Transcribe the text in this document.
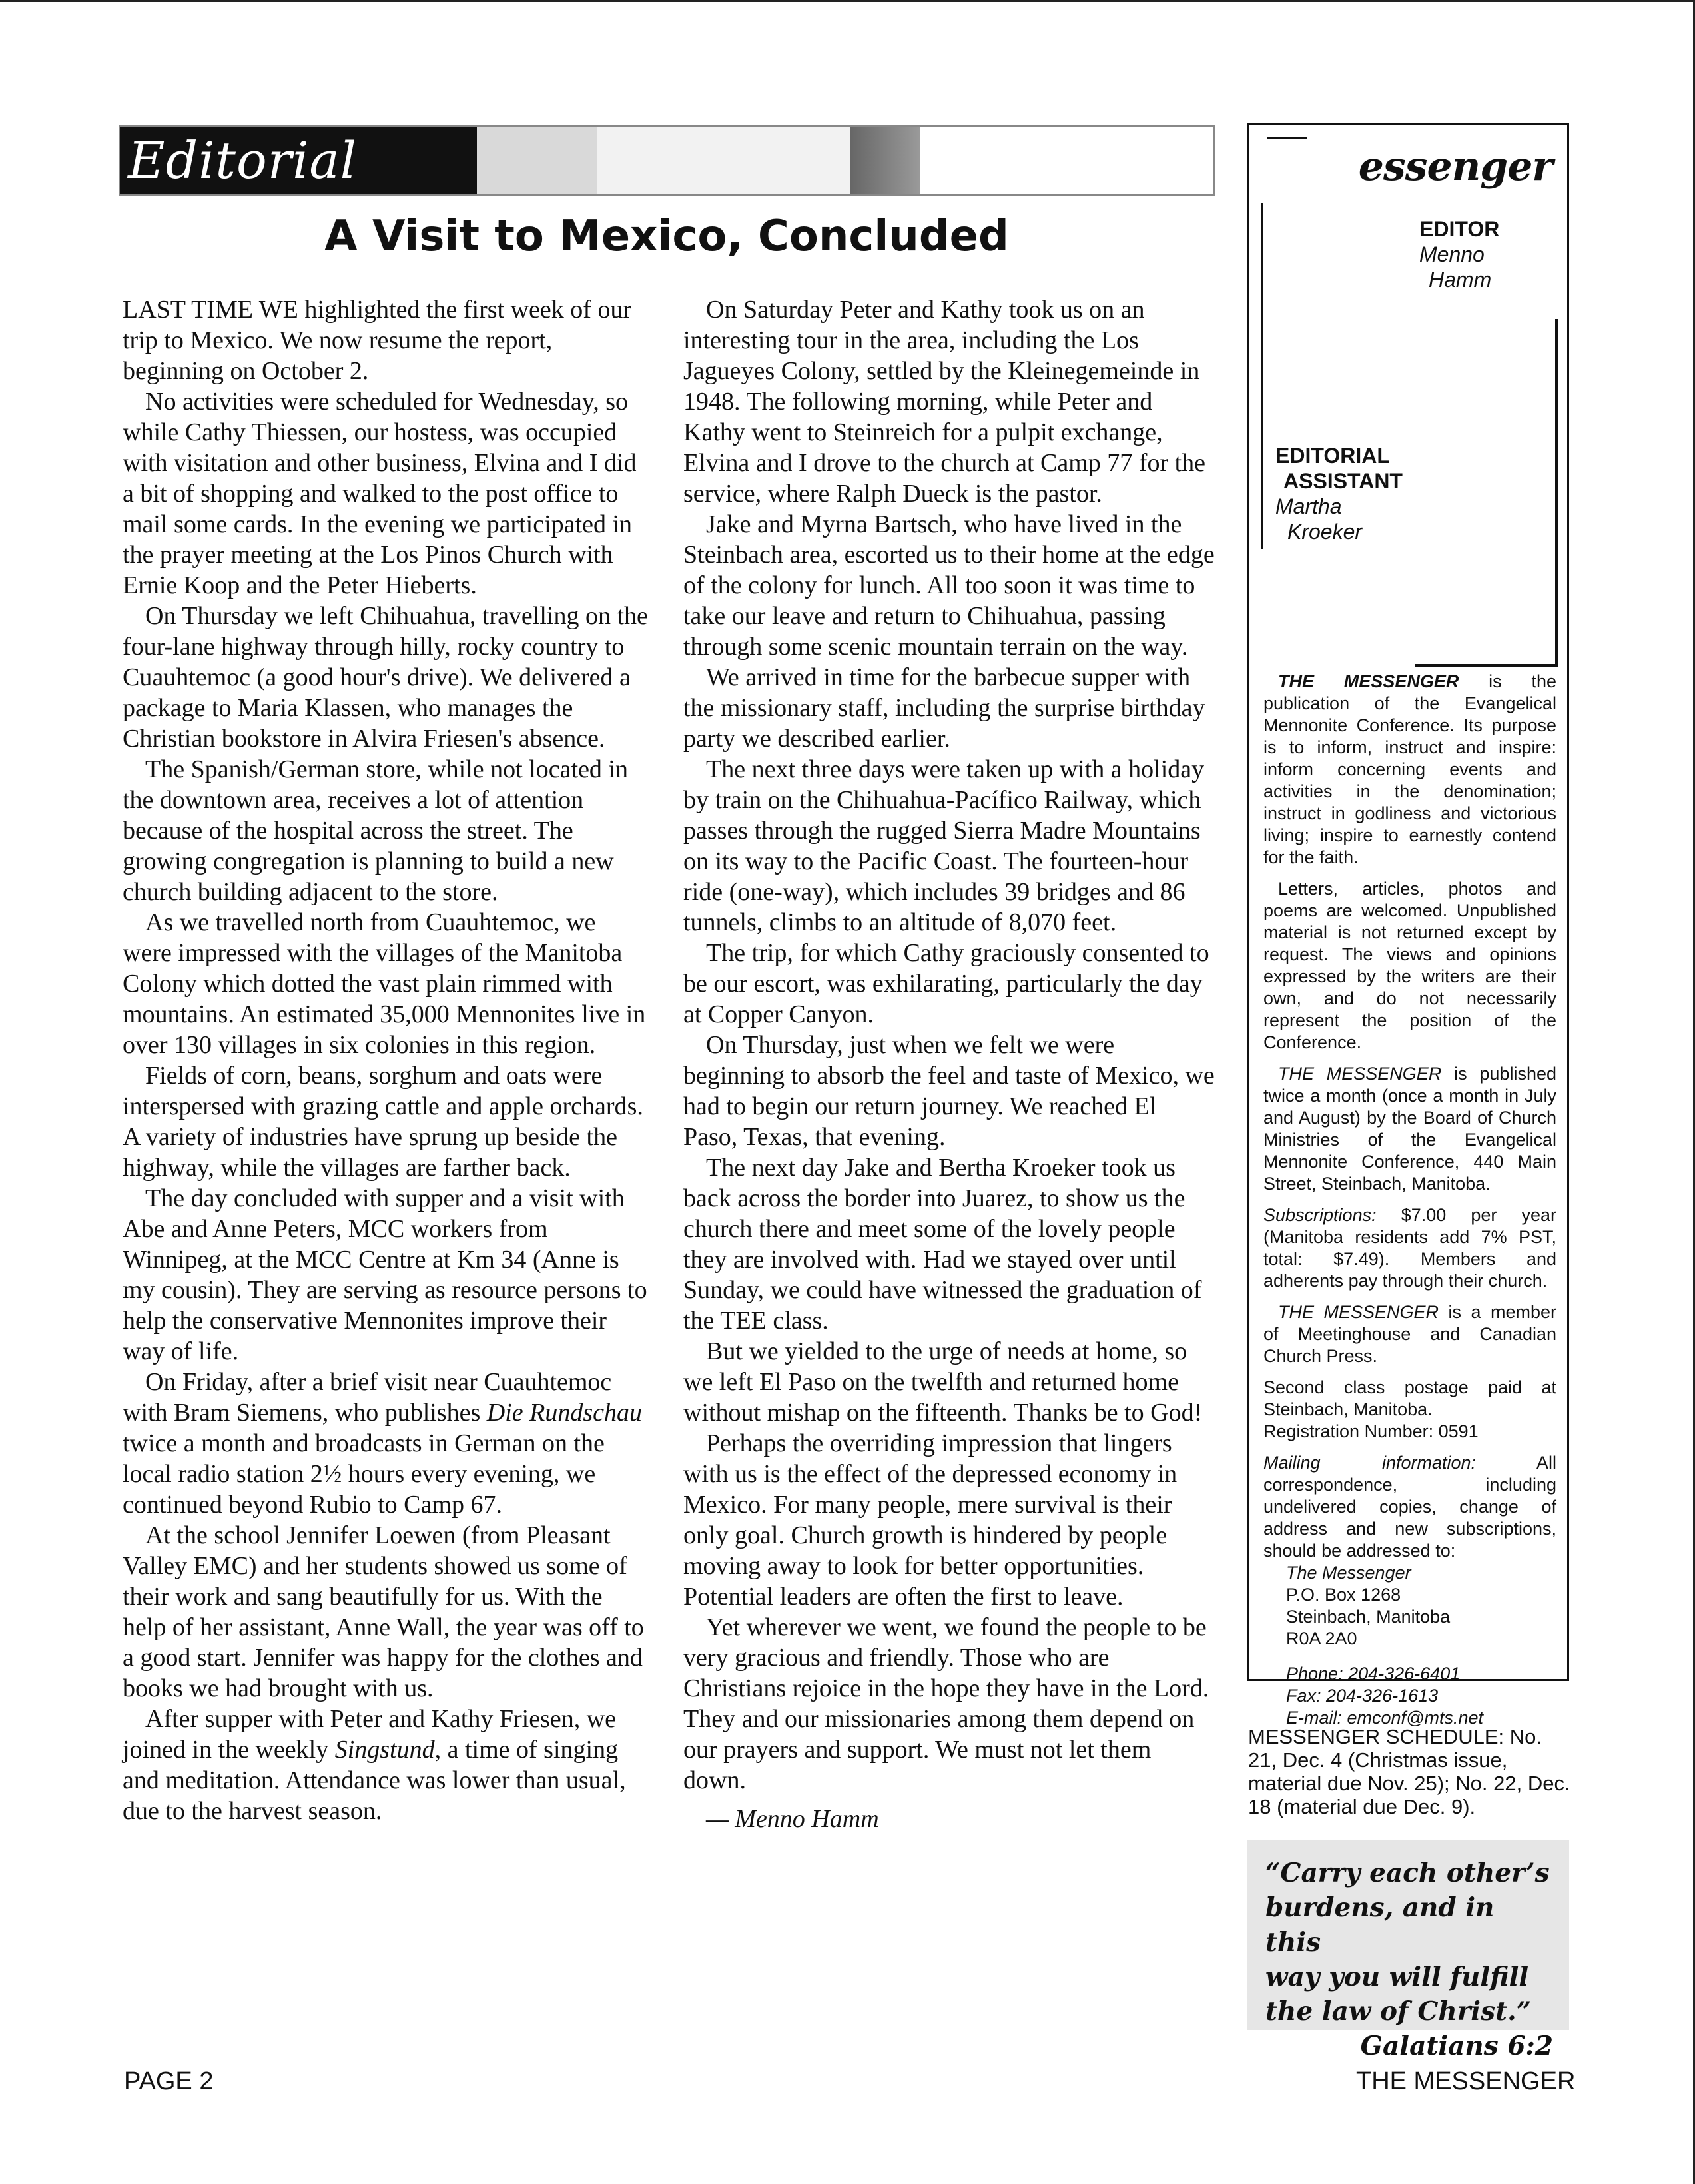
Editorial
A Visit to Mexico, Concluded

LAST TIME WE highlighted the first week of our trip to Mexico. We now resume the report, beginning on October 2.

No activities were scheduled for Wednesday, so while Cathy Thiessen, our hostess, was occupied with visitation and other business, Elvina and I did a bit of shopping and walked to the post office to mail some cards. In the evening we participated in the prayer meeting at the Los Pinos Church with Ernie Koop and the Peter Hieberts.

On Thursday we left Chihuahua, travelling on the four-lane highway through hilly, rocky country to Cuauhtemoc (a good hour's drive). We delivered a package to Maria Klassen, who manages the Christian bookstore in Alvira Friesen's absence.

The Spanish/German store, while not located in the downtown area, receives a lot of attention because of the hospital across the street. The growing congregation is planning to build a new church building adjacent to the store.

As we travelled north from Cuauhtemoc, we were impressed with the villages of the Manitoba Colony which dotted the vast plain rimmed with mountains. An estimated 35,000 Mennonites live in over 130 villages in six colonies in this region.

Fields of corn, beans, sorghum and oats were interspersed with grazing cattle and apple orchards. A variety of industries have sprung up beside the highway, while the villages are farther back.

The day concluded with supper and a visit with Abe and Anne Peters, MCC workers from Winnipeg, at the MCC Centre at Km 34 (Anne is my cousin). They are serving as resource persons to help the conservative Mennonites improve their way of life.

On Friday, after a brief visit near Cuauhtemoc with Bram Siemens, who publishes Die Rundschau twice a month and broadcasts in German on the local radio station 2½ hours every evening, we continued beyond Rubio to Camp 67.

At the school Jennifer Loewen (from Pleasant Valley EMC) and her students showed us some of their work and sang beautifully for us. With the help of her assistant, Anne Wall, the year was off to a good start. Jennifer was happy for the clothes and books we had brought with us.

After supper with Peter and Kathy Friesen, we joined in the weekly Singstund, a time of singing and meditation. Attendance was lower than usual, due to the harvest season.

On Saturday Peter and Kathy took us on an interesting tour in the area, including the Los Jagueyes Colony, settled by the Kleinegemeinde in 1948. The following morning, while Peter and Kathy went to Steinreich for a pulpit exchange, Elvina and I drove to the church at Camp 77 for the service, where Ralph Dueck is the pastor.

Jake and Myrna Bartsch, who have lived in the Steinbach area, escorted us to their home at the edge of the colony for lunch. All too soon it was time to take our leave and return to Chihuahua, passing through some scenic mountain terrain on the way.

We arrived in time for the barbecue supper with the missionary staff, including the surprise birthday party we described earlier.

The next three days were taken up with a holiday by train on the Chihuahua-Pacífico Railway, which passes through the rugged Sierra Madre Mountains on its way to the Pacific Coast. The fourteen-hour ride (one-way), which includes 39 bridges and 86 tunnels, climbs to an altitude of 8,070 feet.

The trip, for which Cathy graciously consented to be our escort, was exhilarating, particularly the day at Copper Canyon.

On Thursday, just when we felt we were beginning to absorb the feel and taste of Mexico, we had to begin our return journey. We reached El Paso, Texas, that evening.

The next day Jake and Bertha Kroeker took us back across the border into Juarez, to show us the church there and meet some of the lovely people they are involved with. Had we stayed over until Sunday, we could have witnessed the graduation of the TEE class.

But we yielded to the urge of needs at home, so we left El Paso on the twelfth and returned home without mishap on the fifteenth. Thanks be to God!

Perhaps the overriding impression that lingers with us is the effect of the depressed economy in Mexico. For many people, mere survival is their only goal. Church growth is hindered by people moving away to look for better opportunities. Potential leaders are often the first to leave.

Yet wherever we went, we found the people to be very gracious and friendly. Those who are Christians rejoice in the hope they have in the Lord. They and our missionaries among them depend on our prayers and support. We must not let them down.

— Menno Hamm

essenger
EDITOR
Menno
Hamm
EDITORIAL
ASSISTANT
Martha
Kroeker

THE MESSENGER is the publication of the Evangelical Mennonite Conference. Its purpose is to inform, instruct and inspire: inform concerning events and activities in the denomination; instruct in godliness and victorious living; inspire to earnestly contend for the faith.

Letters, articles, photos and poems are welcomed. Unpublished material is not returned except by request. The views and opinions expressed by the writers are their own, and do not necessarily represent the position of the Conference.

THE MESSENGER is published twice a month (once a month in July and August) by the Board of Church Ministries of the Evangelical Mennonite Conference, 440 Main Street, Steinbach, Manitoba.

Subscriptions: $7.00 per year (Manitoba residents add 7% PST, total: $7.49). Members and adherents pay through their church.

THE MESSENGER is a member of Meetinghouse and Canadian Church Press.

Second class postage paid at Steinbach, Manitoba.
Registration Number: 0591

Mailing information: All correspondence, including undelivered copies, change of address and new subscriptions, should be addressed to:

The Messenger
P.O. Box 1268
Steinbach, Manitoba
R0A 2A0
Phone: 204-326-6401
Fax: 204-326-1613
E-mail: emconf@mts.net
MESSENGER SCHEDULE: No. 21, Dec. 4 (Christmas issue, material due Nov. 25); No. 22, Dec. 18 (material due Dec. 9).
“Carry each other’s
burdens, and in this
way you will fulfill
the law of Christ.”
Galatians 6:2
PAGE 2	THE MESSENGER
